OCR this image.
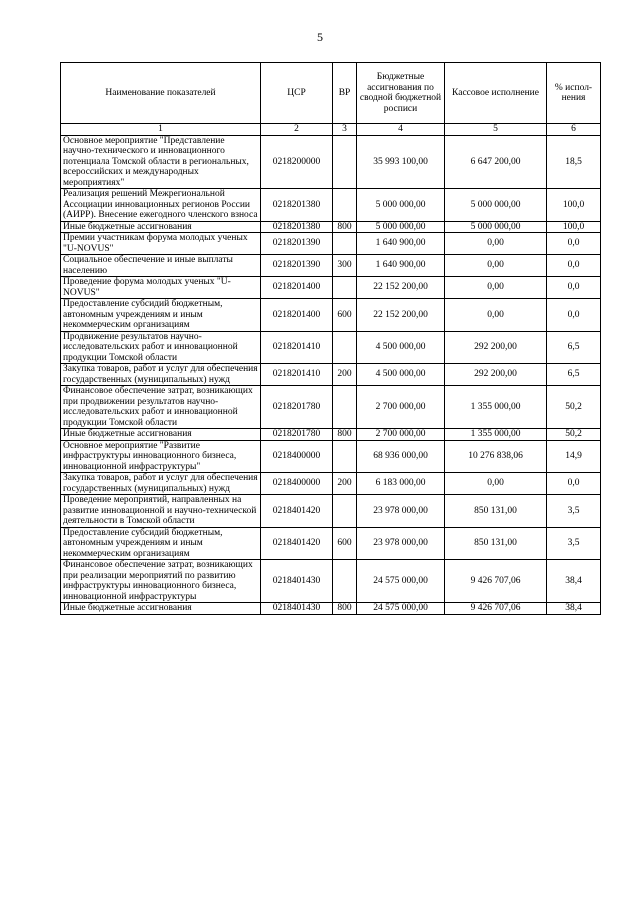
5
Наименование показателей	ЦСР	ВР	Бюджетные ассигнования по сводной бюджетной росписи	Кассовое исполнение	% испол-нения
1	2	3	4	5	6
Основное мероприятие "Представление научно-технического и инновационного потенциала Томской области в региональных, всероссийских и международных мероприятиях"	0218200000		35 993 100,00	6 647 200,00	18,5
Реализация решений Межрегиональной Ассоциации инновационных регионов России (АИРР). Внесение ежегодного членского взноса	0218201380		5 000 000,00	5 000 000,00	100,0
Иные бюджетные ассигнования	0218201380	800	5 000 000,00	5 000 000,00	100,0
Премии участникам форума молодых ученых "U-NOVUS"	0218201390		1 640 900,00	0,00	0,0
Социальное обеспечение и иные выплаты населению	0218201390	300	1 640 900,00	0,00	0,0
Проведение форума молодых ученых "U-NOVUS"	0218201400		22 152 200,00	0,00	0,0
Предоставление субсидий бюджетным, автономным учреждениям и иным некоммерческим организациям	0218201400	600	22 152 200,00	0,00	0,0
Продвижение результатов научно-исследовательских работ и инновационной продукции Томской области	0218201410		4 500 000,00	292 200,00	6,5
Закупка товаров, работ и услуг для обеспечения государственных (муниципальных) нужд	0218201410	200	4 500 000,00	292 200,00	6,5
Финансовое обеспечение затрат, возникающих при продвижении результатов научно-исследовательских работ и инновационной продукции Томской области	0218201780		2 700 000,00	1 355 000,00	50,2
Иные бюджетные ассигнования	0218201780	800	2 700 000,00	1 355 000,00	50,2
Основное мероприятие "Развитие инфраструктуры инновационного бизнеса, инновационной инфраструктуры"	0218400000		68 936 000,00	10 276 838,06	14,9
Закупка товаров, работ и услуг для обеспечения государственных (муниципальных) нужд	0218400000	200	6 183 000,00	0,00	0,0
Проведение мероприятий, направленных на развитие инновационной и научно-технической деятельности в Томской области	0218401420		23 978 000,00	850 131,00	3,5
Предоставление субсидий бюджетным, автономным учреждениям и иным некоммерческим организациям	0218401420	600	23 978 000,00	850 131,00	3,5
Финансовое обеспечение затрат, возникающих при реализации мероприятий по развитию инфраструктуры инновационного бизнеса, инновационной инфраструктуры	0218401430		24 575 000,00	9 426 707,06	38,4
Иные бюджетные ассигнования	0218401430	800	24 575 000,00	9 426 707,06	38,4
